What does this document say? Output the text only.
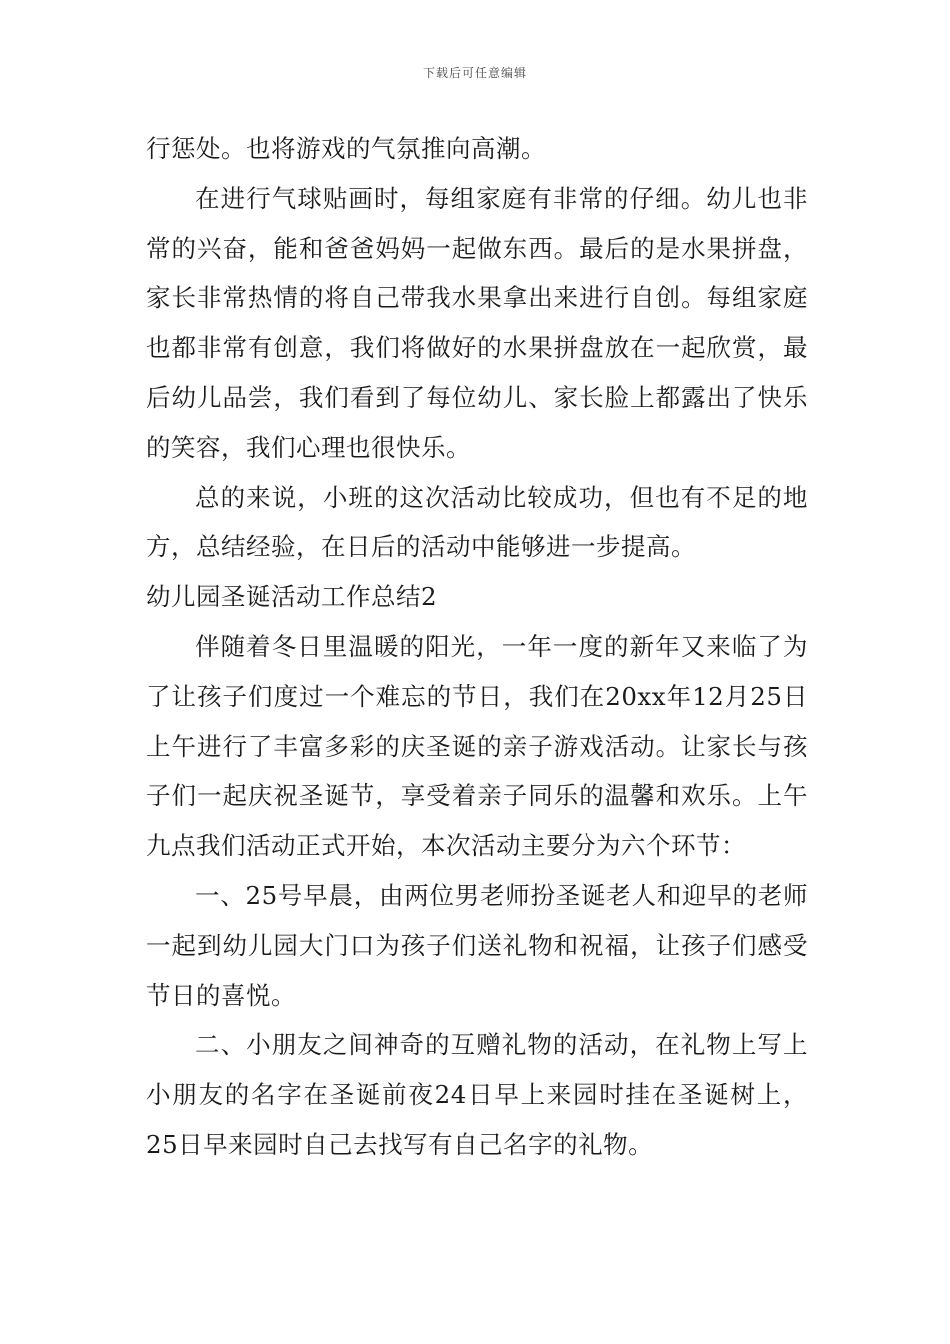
下载后可任意编辑

行惩处。也将游戏的气氛推向高潮。

在进行气球贴画时，每组家庭有非常的仔细。幼儿也非常的兴奋，能和爸爸妈妈一起做东西。最后的是水果拼盘，家长非常热情的将自己带我水果拿出来进行自创。每组家庭也都非常有创意，我们将做好的水果拼盘放在一起欣赏，最后幼儿品尝，我们看到了每位幼儿、家长脸上都露出了快乐的笑容，我们心理也很快乐。

总的来说，小班的这次活动比较成功，但也有不足的地方，总结经验，在日后的活动中能够进一步提高。

幼儿园圣诞活动工作总结2

伴随着冬日里温暖的阳光，一年一度的新年又来临了为了让孩子们度过一个难忘的节日，我们在20xx年12月25日上午进行了丰富多彩的庆圣诞的亲子游戏活动。让家长与孩子们一起庆祝圣诞节，享受着亲子同乐的温馨和欢乐。上午九点我们活动正式开始，本次活动主要分为六个环节：

一、25号早晨，由两位男老师扮圣诞老人和迎早的老师一起到幼儿园大门口为孩子们送礼物和祝福，让孩子们感受节日的喜悦。

二、小朋友之间神奇的互赠礼物的活动，在礼物上写上小朋友的名字在圣诞前夜24日早上来园时挂在圣诞树上，25日早来园时自己去找写有自己名字的礼物。
